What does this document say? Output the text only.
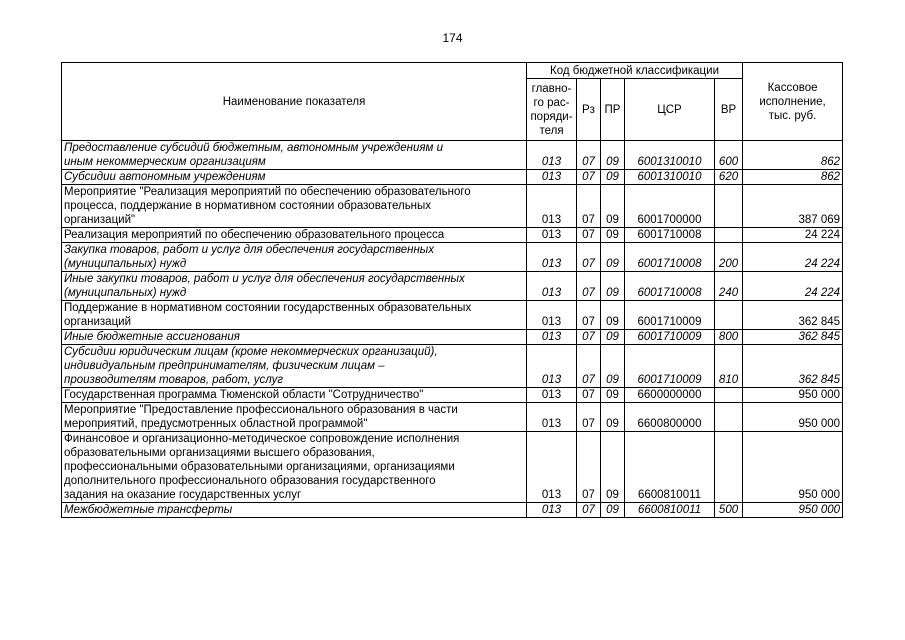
174
Наименование показателя	Код бюджетной классификации					Кассовое
исполнение,
тыс. руб.

	главно-
го рас-
поряди-
теля	Рз	ПР	ЦСР	ВР	

Предоставление субсидий бюджетным, автономным учреждениям и
иным некоммерческим организациям	013	07	09	6001310010	600	862

Субсидии автономным учреждениям	013	07	09	6001310010	620	862

Мероприятие "Реализация мероприятий по обеспечению образовательного
процесса, поддержание в нормативном состоянии образовательных
организаций"	013	07	09	6001700000		387 069

Реализация мероприятий по обеспечению образовательного процесса	013	07	09	6001710008		24 224

Закупка товаров, работ и услуг для обеспечения государственных
(муниципальных) нужд	013	07	09	6001710008	200	24 224

Иные закупки товаров, работ и услуг для обеспечения государственных
(муниципальных) нужд	013	07	09	6001710008	240	24 224

Поддержание в нормативном состоянии государственных образовательных
организаций	013	07	09	6001710009		362 845

Иные бюджетные ассигнования	013	07	09	6001710009	800	362 845

Субсидии юридическим лицам (кроме некоммерческих организаций),
индивидуальным предпринимателям, физическим лицам –
производителям товаров, работ, услуг	013	07	09	6001710009	810	362 845

Государственная программа Тюменской области "Сотрудничество"	013	07	09	6600000000		950 000

Мероприятие "Предоставление профессионального образования в части
мероприятий, предусмотренных областной программой"	013	07	09	6600800000		950 000

Финансовое и организационно-методическое сопровождение исполнения
образовательными организациями высшего образования,
профессиональными образовательными организациями, организациями
дополнительного профессионального образования государственного
задания на оказание государственных услуг	013	07	09	6600810011		950 000

Межбюджетные трансферты	013	07	09	6600810011	500	950 000
